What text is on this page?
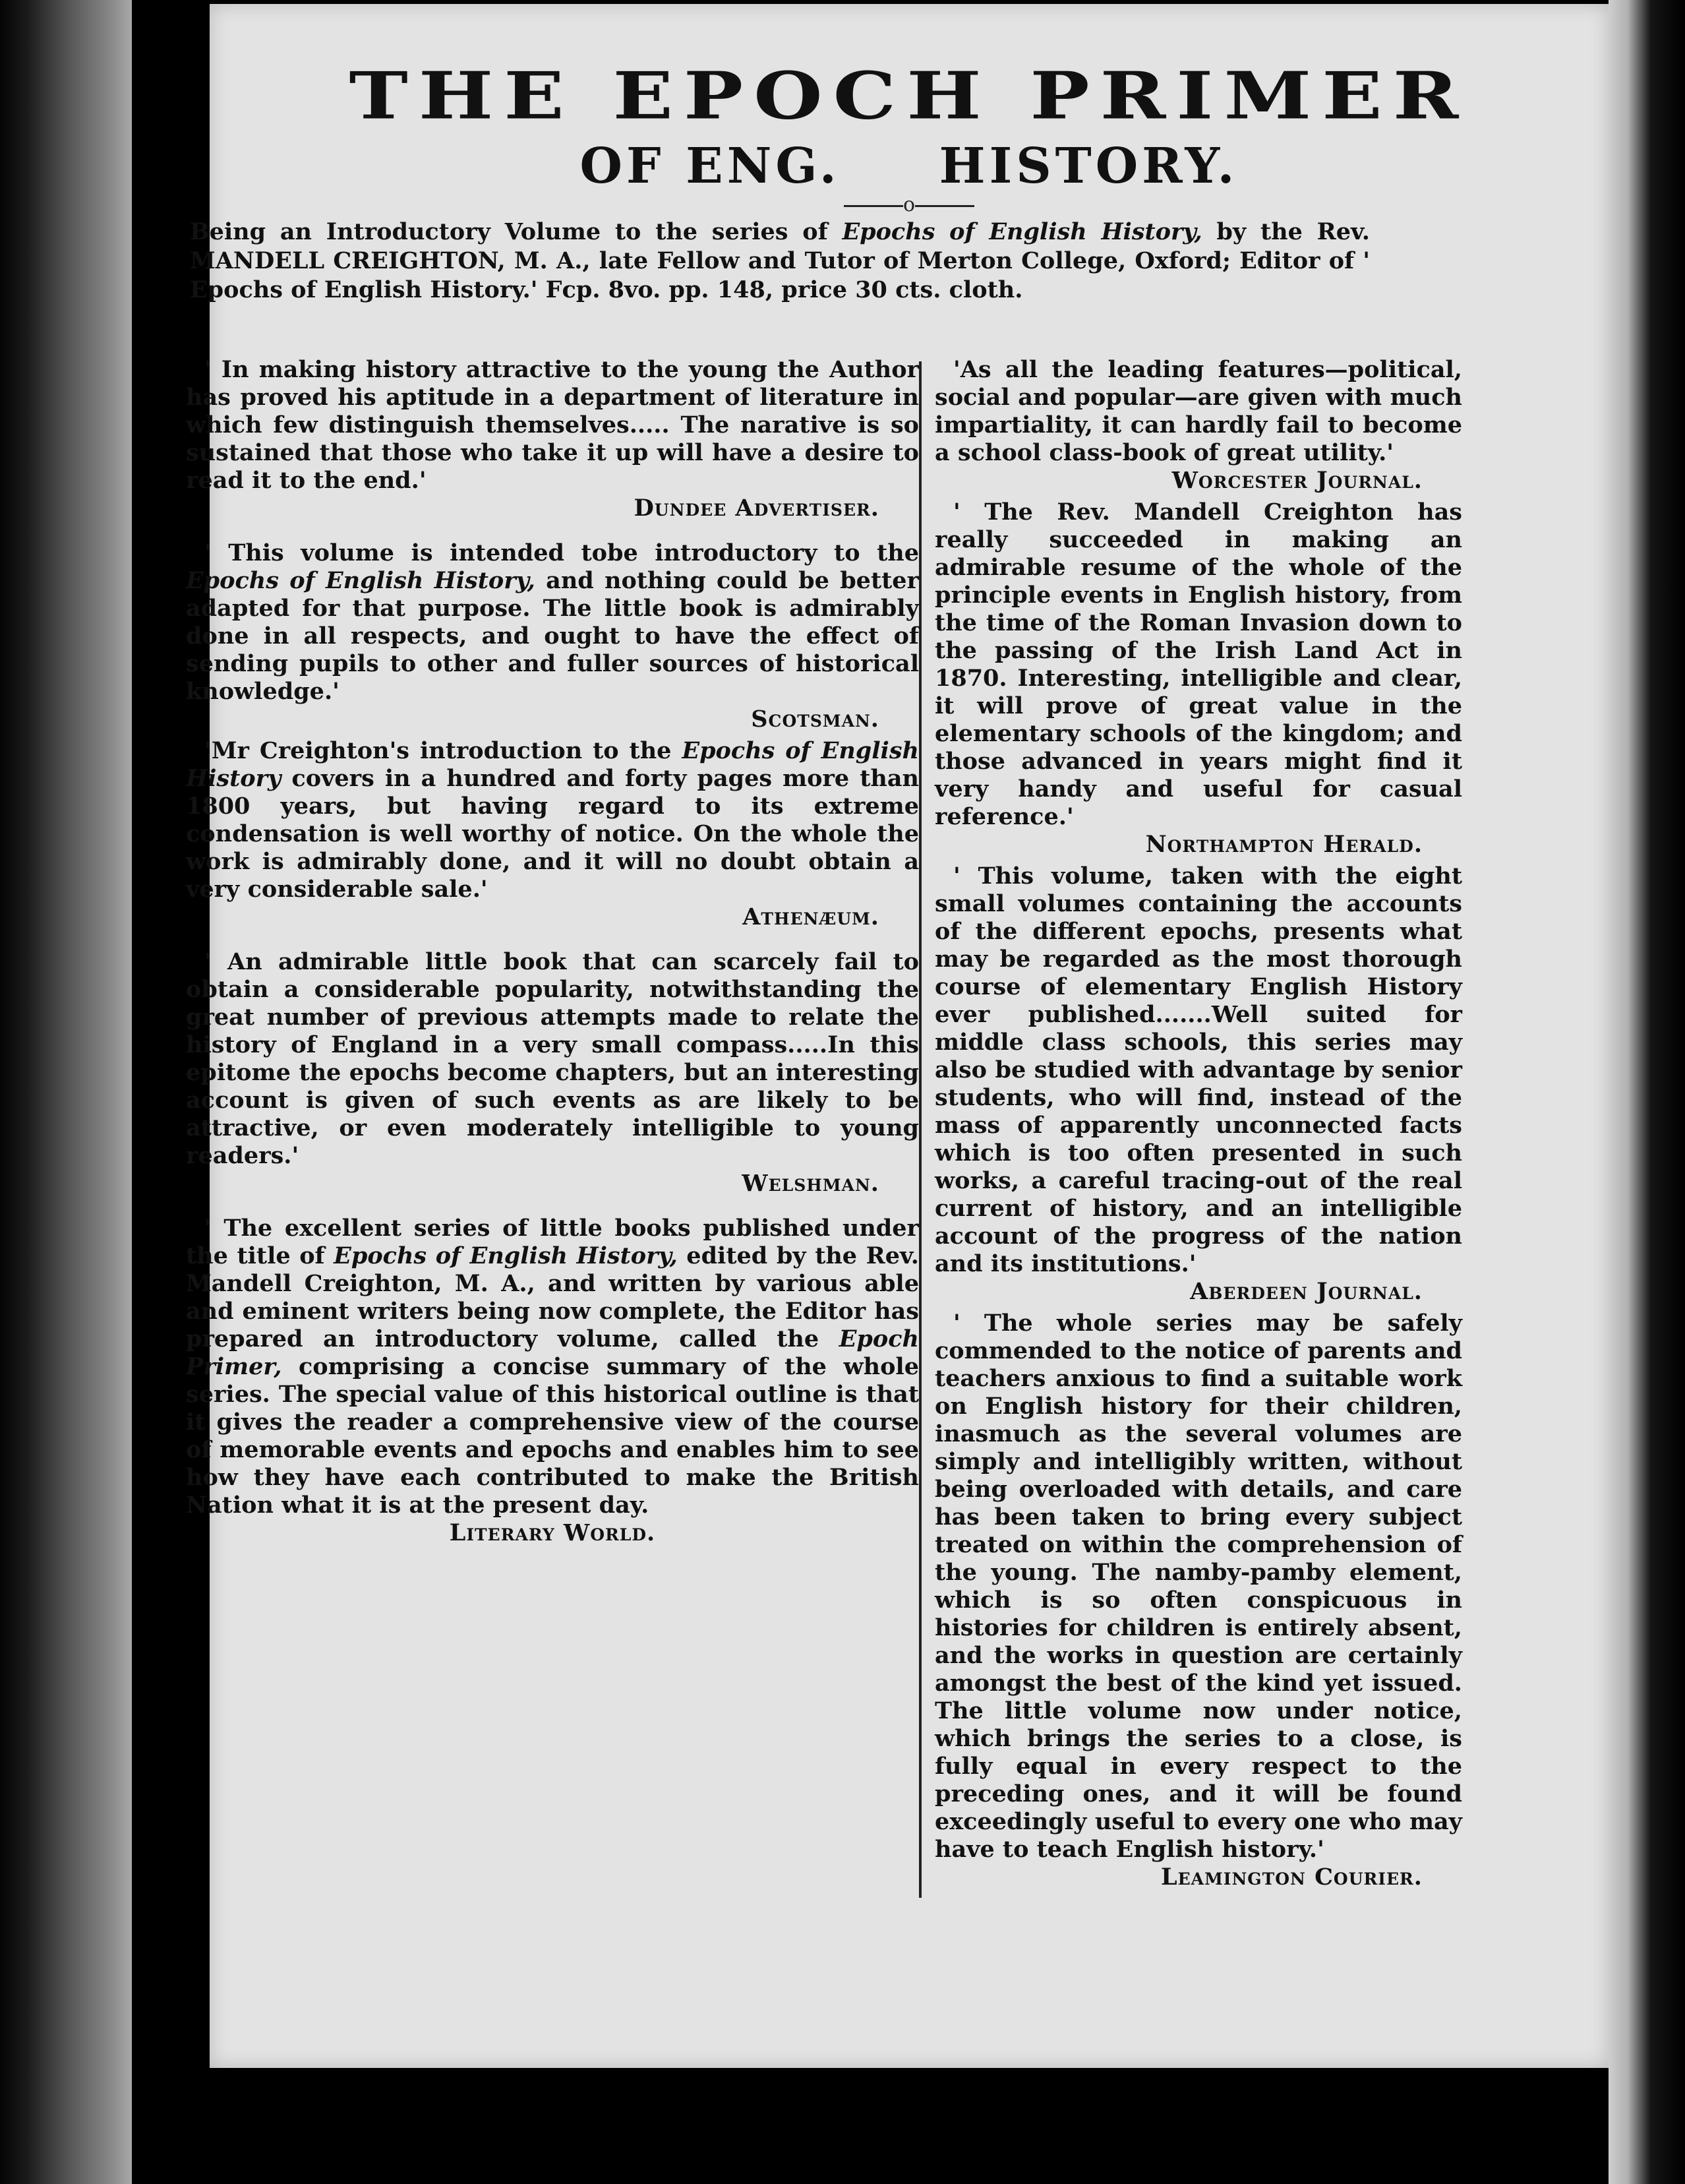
THE EPOCH PRIMER
OF ENG. HISTORY.
o
Being an Introductory Volume to the series of Epochs of English History, by the Rev. MANDELL CREIGHTON, M. A., late Fellow and Tutor of Merton College, Oxford; Editor of ' Epochs of English History.' Fcp. 8vo. pp. 148, price 30 cts. cloth.

' In making history attractive to the young the Author has proved his aptitude in a department of literature in which few distinguish themselves..... The narative is so sustained that those who take it up will have a desire to read it to the end.'

Dundee Advertiser.

' This volume is intended tobe introductory to the Epochs of English History, and nothing could be better adapted for that purpose. The little book is admirably done in all respects, and ought to have the effect of sending pupils to other and fuller sources of historical knowledge.'

Scotsman.

'Mr Creighton's introduction to the Epochs of English History covers in a hundred and forty pages more than 1800 years, but having regard to its extreme condensation is well worthy of notice. On the whole the work is admirably done, and it will no doubt obtain a very considerable sale.'

Athenæum.

' An admirable little book that can scarcely fail to obtain a considerable popularity, notwithstanding the great number of previous attempts made to relate the history of England in a very small compass.....In this epitome the epochs become chapters, but an interesting account is given of such events as are likely to be attractive, or even moderately intelligible to young readers.'

Welshman.

' The excellent series of little books published under the title of Epochs of English History, edited by the Rev. Mandell Creighton, M. A., and written by various able and eminent writers being now complete, the Editor has prepared an introductory volume, called the Epoch Primer, comprising a concise summary of the whole series. The special value of this historical outline is that it gives the reader a comprehensive view of the course of memorable events and epochs and enables him to see how they have each contributed to make the British Nation what it is at the present day.

Literary World.

'As all the leading features—political, social and popular—are given with much impartiality, it can hardly fail to become a school class-book of great utility.'

Worcester Journal.

' The Rev. Mandell Creighton has really succeeded in making an admirable resume of the whole of the principle events in English history, from the time of the Roman Invasion down to the passing of the Irish Land Act in 1870. Interesting, intelligible and clear, it will prove of great value in the elementary schools of the kingdom; and those advanced in years might find it very handy and useful for casual reference.'

Northampton Herald.

' This volume, taken with the eight small volumes containing the accounts of the different epochs, presents what may be regarded as the most thorough course of elementary English History ever published.......Well suited for middle class schools, this series may also be studied with advantage by senior students, who will find, instead of the mass of apparently unconnected facts which is too often presented in such works, a careful tracing-out of the real current of history, and an intelligible account of the progress of the nation and its institutions.'

Aberdeen Journal.

' The whole series may be safely commended to the notice of parents and teachers anxious to find a suitable work on English history for their children, inasmuch as the several volumes are simply and intelligibly written, without being overloaded with details, and care has been taken to bring every subject treated on within the comprehension of the young. The namby-pamby element, which is so often conspicuous in histories for children is entirely absent, and the works in question are certainly amongst the best of the kind yet issued. The little volume now under notice, which brings the series to a close, is fully equal in every respect to the preceding ones, and it will be found exceedingly useful to every one who may have to teach English history.'

Leamington Courier.
